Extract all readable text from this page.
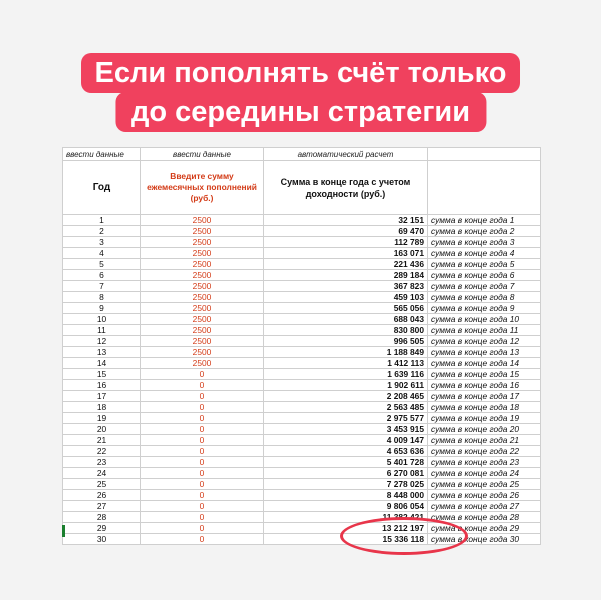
Если пополнять счёт только
до середины стратегии
ввести данные	ввести данные	автоматический расчет	
Год	Введите сумму ежемесячных пополнений (руб.)	Сумма в конце года с учетом доходности (руб.)	
1	2500	32 151	сумма в конце года 1
2	2500	69 470	сумма в конце года 2
3	2500	112 789	сумма в конце года 3
4	2500	163 071	сумма в конце года 4
5	2500	221 436	сумма в конце года 5
6	2500	289 184	сумма в конце года 6
7	2500	367 823	сумма в конце года 7
8	2500	459 103	сумма в конце года 8
9	2500	565 056	сумма в конце года 9
10	2500	688 043	сумма в конце года 10
11	2500	830 800	сумма в конце года 11
12	2500	996 505	сумма в конце года 12
13	2500	1 188 849	сумма в конце года 13
14	2500	1 412 113	сумма в конце года 14
15	0	1 639 116	сумма в конце года 15
16	0	1 902 611	сумма в конце года 16
17	0	2 208 465	сумма в конце года 17
18	0	2 563 485	сумма в конце года 18
19	0	2 975 577	сумма в конце года 19
20	0	3 453 915	сумма в конце года 20
21	0	4 009 147	сумма в конце года 21
22	0	4 653 636	сумма в конце года 22
23	0	5 401 728	сумма в конце года 23
24	0	6 270 081	сумма в конце года 24
25	0	7 278 025	сумма в конце года 25
26	0	8 448 000	сумма в конце года 26
27	0	9 806 054	сумма в конце года 27
28	0	11 382 421	сумма в конце года 28
29	0	13 212 197	сумма в конце года 29
30	0	15 336 118	сумма в конце года 30
